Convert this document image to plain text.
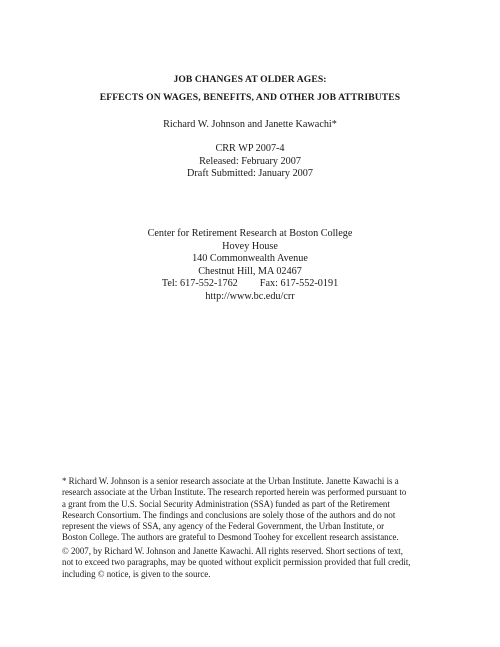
JOB CHANGES AT OLDER AGES:
EFFECTS ON WAGES, BENEFITS, AND OTHER JOB ATTRIBUTES
Richard W. Johnson and Janette Kawachi*
CRR WP 2007-4
Released: February 2007
Draft Submitted: January 2007
Center for Retirement Research at Boston College
Hovey House
140 Commonwealth Avenue
Chestnut Hill, MA 02467
Tel: 617-552-1762 Fax: 617-552-0191
http://www.bc.edu/crr
* Richard W. Johnson is a senior research associate at the Urban Institute. Janette Kawachi is a
research associate at the Urban Institute. The research reported herein was performed pursuant to
a grant from the U.S. Social Security Administration (SSA) funded as part of the Retirement
Research Consortium. The findings and conclusions are solely those of the authors and do not
represent the views of SSA, any agency of the Federal Government, the Urban Institute, or
Boston College. The authors are grateful to Desmond Toohey for excellent research assistance.
© 2007, by Richard W. Johnson and Janette Kawachi. All rights reserved. Short sections of text,
not to exceed two paragraphs, may be quoted without explicit permission provided that full credit,
including © notice, is given to the source.
